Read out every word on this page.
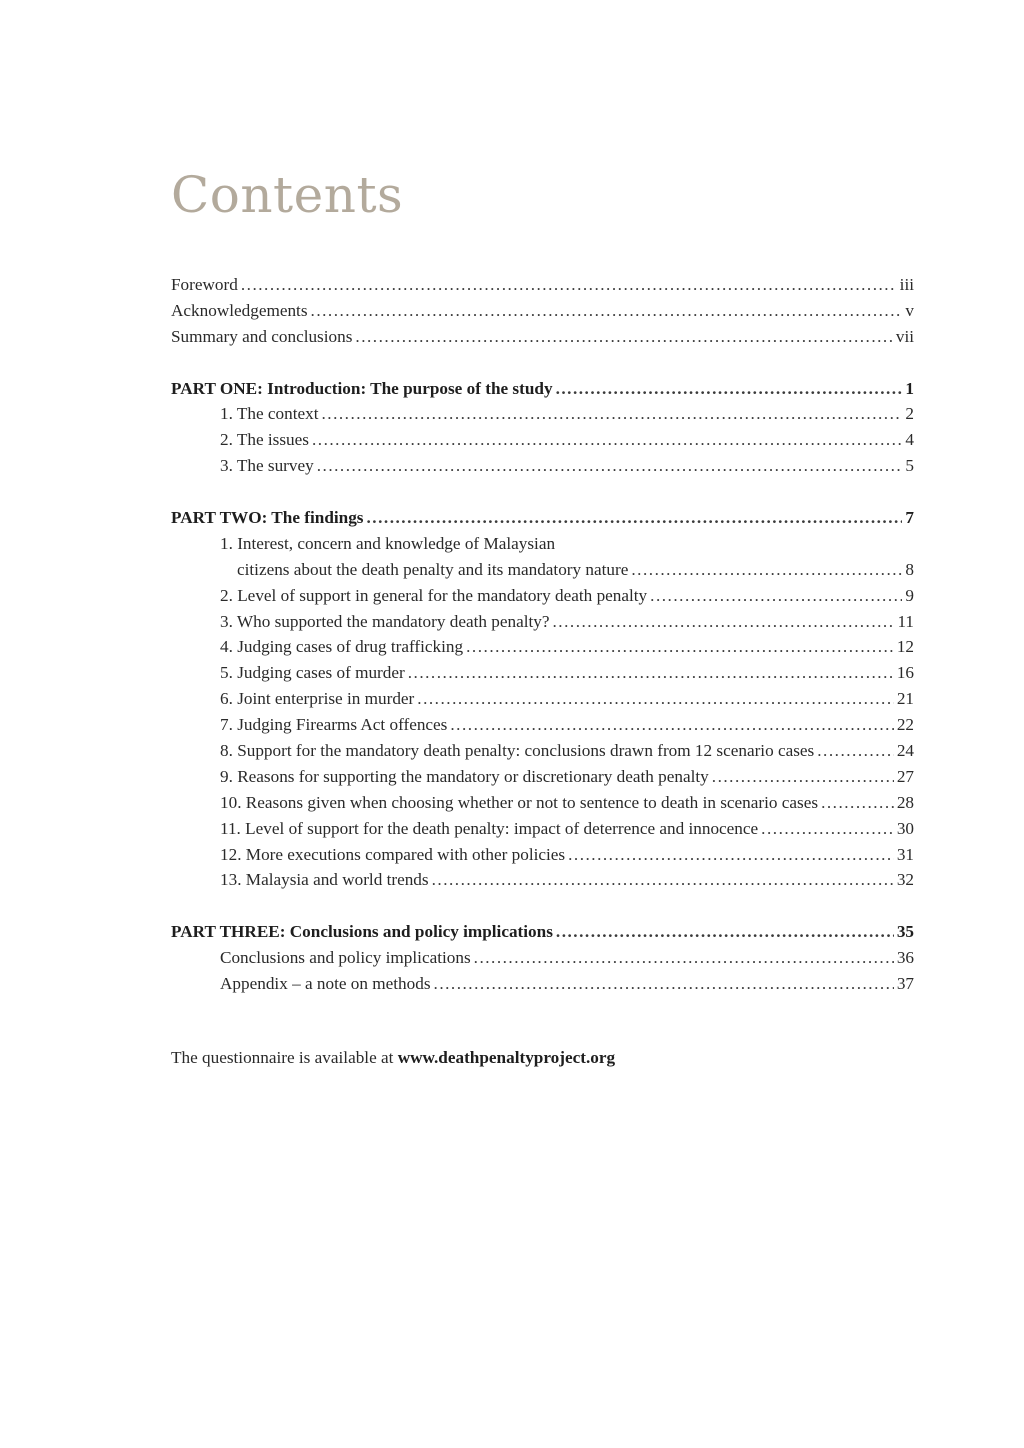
Contents
Foreword .....	iii
Acknowledgements .....	v
Summary and conclusions .....	vii
PART ONE: Introduction: The purpose of the study .....	1
1. The context .....	2
2. The issues .....	4
3. The survey .....	5
PART TWO: The findings .....	7
1. Interest, concern and knowledge of Malaysian
citizens about the death penalty and its mandatory nature .....	8
2. Level of support in general for the mandatory death penalty .....	9
3. Who supported the mandatory death penalty? .....	11
4. Judging cases of drug trafficking .....	12
5. Judging cases of murder .....	16
6. Joint enterprise in murder .....	21
7. Judging Firearms Act offences .....	22
8. Support for the mandatory death penalty: conclusions drawn from 12 scenario cases .....	24
9. Reasons for supporting the mandatory or discretionary death penalty .....	27
10. Reasons given when choosing whether or not to sentence to death in scenario cases .....	28
11. Level of support for the death penalty: impact of deterrence and innocence .....	30
12. More executions compared with other policies .....	31
13. Malaysia and world trends .....	32
PART THREE: Conclusions and policy implications .....	35
Conclusions and policy implications .....	36
Appendix – a note on methods .....	37
The questionnaire is available at www.deathpenaltyproject.org
